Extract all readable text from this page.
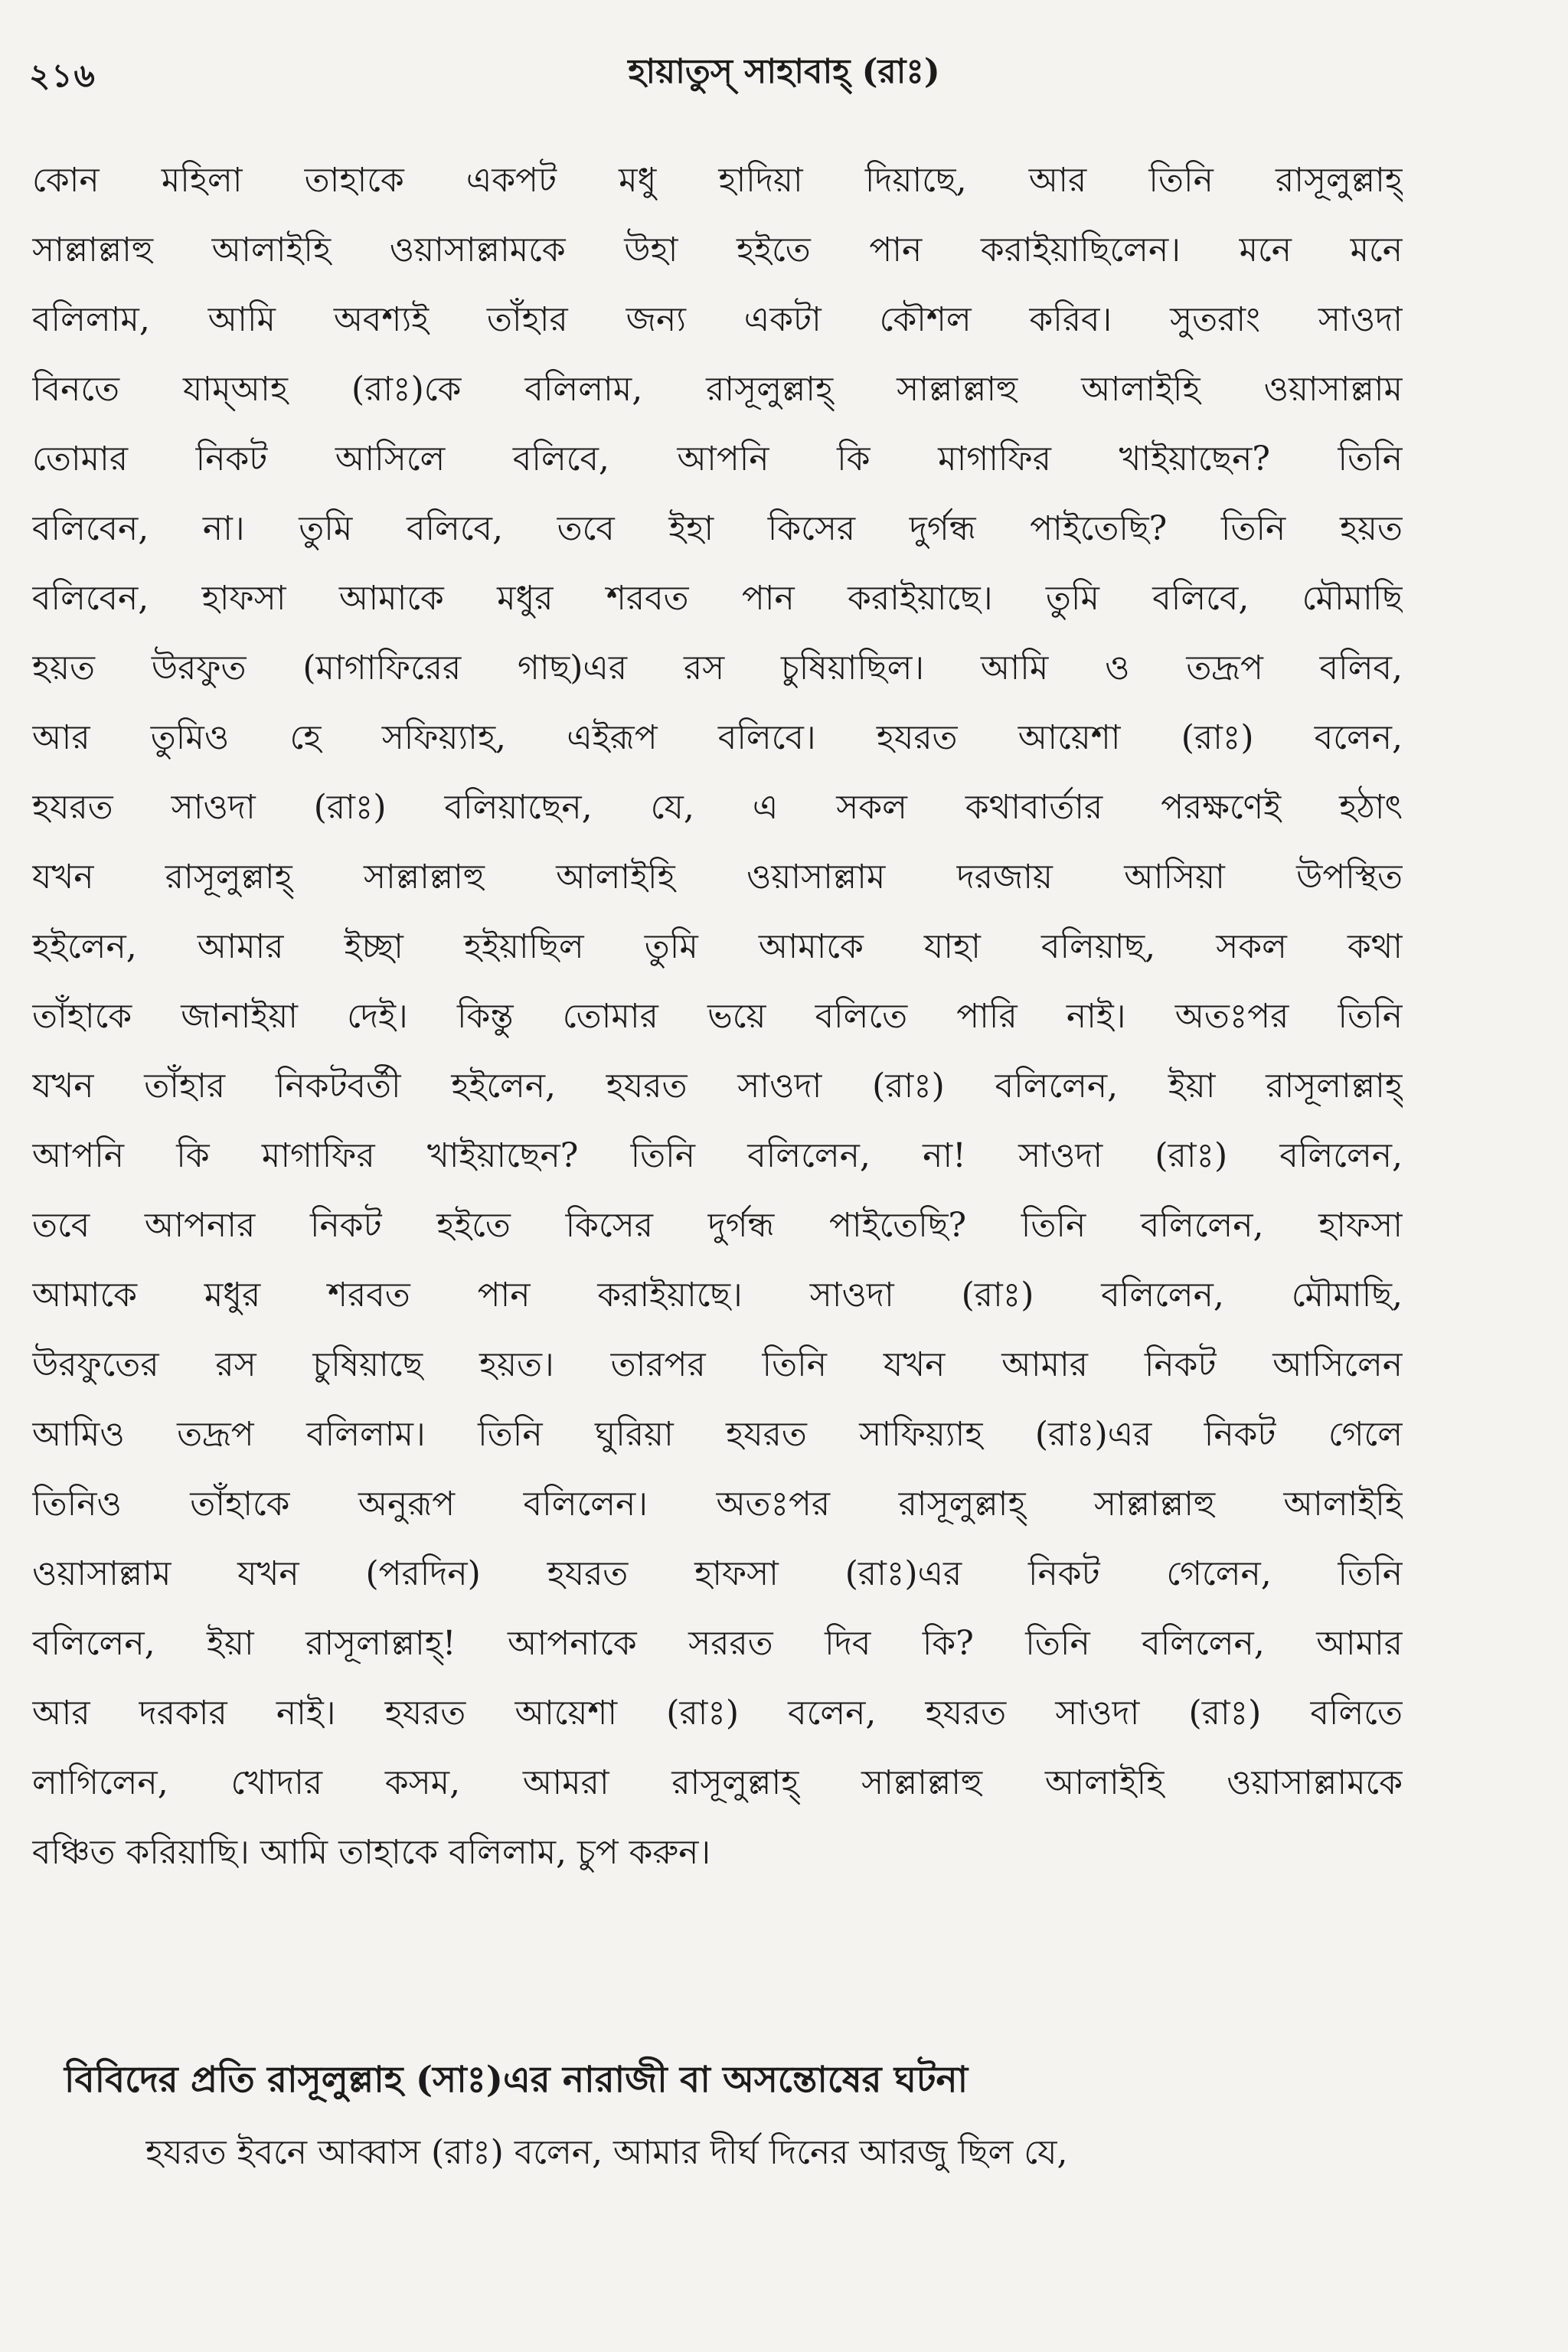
২১৬	হায়াতুস্ সাহাবাহ্ (রাঃ)
কোন মহিলা তাহাকে একপট মধু হাদিয়া দিয়াছে, আর তিনি রাসূলুল্লাহ্
সাল্লাল্লাহু আলাইহি ওয়াসাল্লামকে উহা হইতে পান করাইয়াছিলেন। মনে মনে
বলিলাম, আমি অবশ্যই তাঁহার জন্য একটা কৌশল করিব। সুতরাং সাওদা
বিনতে যাম্‌আহ (রাঃ)কে বলিলাম, রাসূলুল্লাহ্ সাল্লাল্লাহু আলাইহি ওয়াসাল্লাম
তোমার নিকট আসিলে বলিবে, আপনি কি মাগাফির খাইয়াছেন? তিনি
বলিবেন, না। তুমি বলিবে, তবে ইহা কিসের দুর্গন্ধ পাইতেছি? তিনি হয়ত
বলিবেন, হাফসা আমাকে মধুর শরবত পান করাইয়াছে। তুমি বলিবে, মৌমাছি
হয়ত উরফুত (মাগাফিরের গাছ)এর রস চুষিয়াছিল। আমি ও তদ্রূপ বলিব,
আর তুমিও হে সফিয়্যাহ, এইরূপ বলিবে। হযরত আয়েশা (রাঃ) বলেন,
হযরত সাওদা (রাঃ) বলিয়াছেন, যে, এ সকল কথাবার্তার পরক্ষণেই হঠাৎ
যখন রাসূলুল্লাহ্ সাল্লাল্লাহু আলাইহি ওয়াসাল্লাম দরজায় আসিয়া উপস্থিত
হইলেন, আমার ইচ্ছা হইয়াছিল তুমি আমাকে যাহা বলিয়াছ, সকল কথা
তাঁহাকে জানাইয়া দেই। কিন্তু তোমার ভয়ে বলিতে পারি নাই। অতঃপর তিনি
যখন তাঁহার নিকটবর্তী হইলেন, হযরত সাওদা (রাঃ) বলিলেন, ইয়া রাসূলাল্লাহ্
আপনি কি মাগাফির খাইয়াছেন? তিনি বলিলেন, না! সাওদা (রাঃ) বলিলেন,
তবে আপনার নিকট হইতে কিসের দুর্গন্ধ পাইতেছি? তিনি বলিলেন, হাফসা
আমাকে মধুর শরবত পান করাইয়াছে। সাওদা (রাঃ) বলিলেন, মৌমাছি,
উরফুতের রস চুষিয়াছে হয়ত। তারপর তিনি যখন আমার নিকট আসিলেন
আমিও তদ্রূপ বলিলাম। তিনি ঘুরিয়া হযরত সাফিয়্যাহ (রাঃ)এর নিকট গেলে
তিনিও তাঁহাকে অনুরূপ বলিলেন। অতঃপর রাসূলুল্লাহ্ সাল্লাল্লাহু আলাইহি
ওয়াসাল্লাম যখন (পরদিন) হযরত হাফসা (রাঃ)এর নিকট গেলেন, তিনি
বলিলেন, ইয়া রাসূলাল্লাহ্! আপনাকে সররত দিব কি? তিনি বলিলেন, আমার
আর দরকার নাই। হযরত আয়েশা (রাঃ) বলেন, হযরত সাওদা (রাঃ) বলিতে
লাগিলেন, খোদার কসম, আমরা রাসূলুল্লাহ্ সাল্লাল্লাহু আলাইহি ওয়াসাল্লামকে
বঞ্চিত করিয়াছি। আমি তাহাকে বলিলাম, চুপ করুন।
বিবিদের প্রতি রাসূলুল্লাহ (সাঃ)এর নারাজী বা অসন্তোষের ঘটনা
হযরত ইবনে আব্বাস (রাঃ) বলেন, আমার দীর্ঘ দিনের আরজু ছিল যে,
